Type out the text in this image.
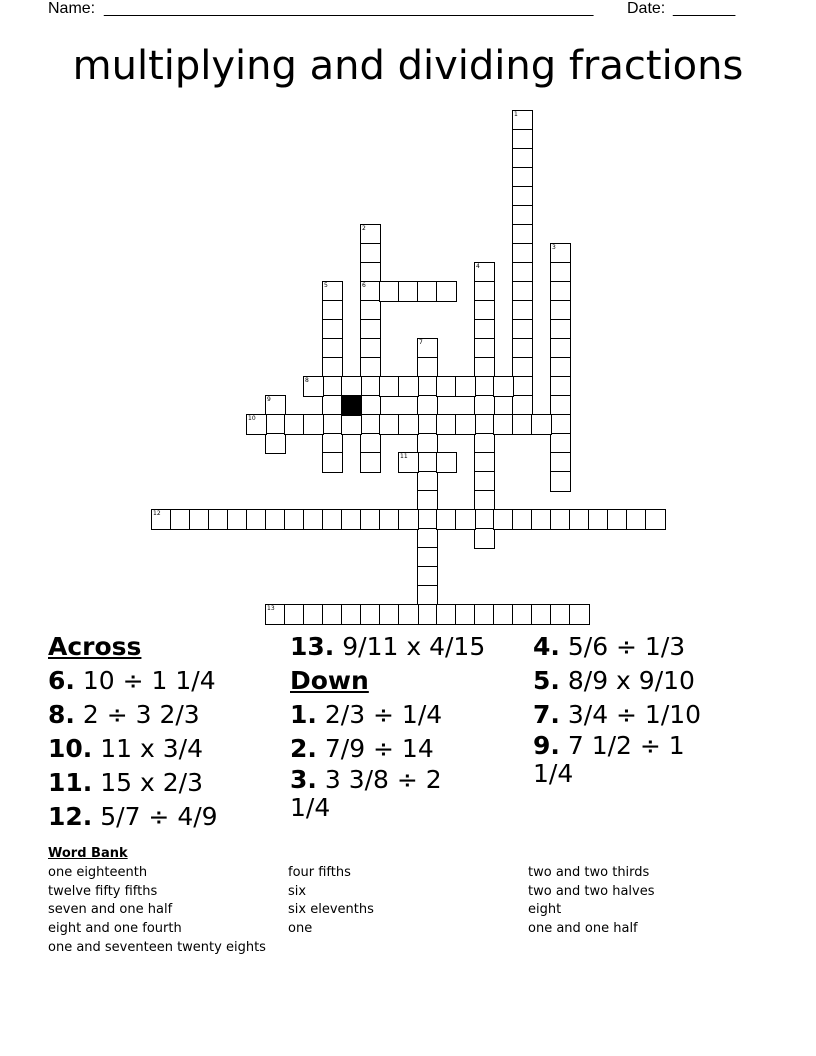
Name: _______________________________________________________ Date: _______
multiplying and dividing fractions
1
2
6
3
4
5
7
8
9
10
11
12
13
Across
6. 10 ÷ 1 1/4
8. 2 ÷ 3 2/3
10. 11 x 3/4
11. 15 x 2/3
12. 5/7 ÷ 4/9
13. 9/11 x 4/15
Down
1. 2/3 ÷ 1/4
2. 7/9 ÷ 14
3. 3 3/8 ÷ 2
1/4
4. 5/6 ÷ 1/3
5. 8/9 x 9/10
7. 3/4 ÷ 1/10
9. 7 1/2 ÷ 1
1/4
Word Bank
one eighteenth
twelve fifty fifths
seven and one half
eight and one fourth
one and seventeen twenty eights
four fifths
six
six elevenths
one
two and two thirds
two and two halves
eight
one and one half
